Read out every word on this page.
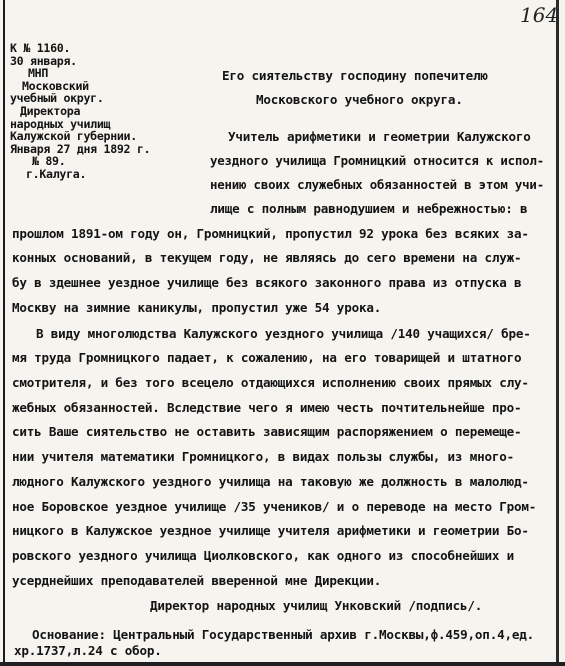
164
К № 1160.
30 января.
МНП
Московский
учебный округ.
Директора
народных училищ
Калужской губернии.
Января 27 дня 1892 г.
№ 89.
г.Калуга.
Его сиятельству господину попечителю
Московского учебного округа.
Учитель арифметики и геометрии Калужского
уездного училища Громницкий относится к испол-
нению своих служебных обязанностей в этом учи-
лище с полным равнодушием и небрежностью: в
прошлом 1891-ом году он, Громницкий, пропустил 92 урока без всяких за-
конных оснований, в текущем году, не являясь до сего времени на служ-
бу в здешнее уездное училище без всякого законного права из отпуска в
Москву на зимние каникулы, пропустил уже 54 урока.
В виду многолюдства Калужского уездного училища /140 учащихся/ бре-
мя труда Громницкого падает, к сожалению, на его товарищей и штатного
смотрителя, и без того всецело отдающихся исполнению своих прямых слу-
жебных обязанностей. Вследствие чего я имею честь почтительнейше про-
сить Ваше сиятельство не оставить зависящим распоряжением о перемеще-
нии учителя математики Громницкого, в видах пользы службы, из много-
людного Калужского уездного училища на таковую же должность в малолюд-
ное Боровское уездное училище /35 учеников/ и о переводе на место Гром-
ницкого в Калужское уездное училище учителя арифметики и геометрии Бо-
ровского уездного училища Циолковского, как одного из способнейших и
усерднейших преподавателей вверенной мне Дирекции.
Директор народных училищ Унковский /подпись/.
Основание: Центральный Государственный архив г.Москвы,ф.459,оп.4,ед.
хр.1737,л.24 с обор.
